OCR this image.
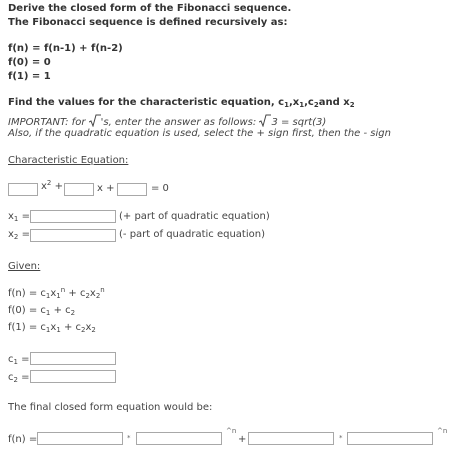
Derive the closed form of the Fibonacci sequence.
The Fibonacci sequence is defined recursively as:
f(n) = f(n-1) + f(n-2)
f(0) = 0
f(1) = 1
Find the values for the characteristic equation, $c_1,x_1,c_2and$ $x_2$
IMPORTANT: for 's, enter the answer as follows: 3 = sqrt(3)
Also, if the quadratic equation is used, select the + sign first, then the - sign
Characteristic Equation:
$x^2$ +	x +	= 0
$x_1$ =	(+ part of quadratic equation)
$x_2$ =	(- part of quadratic equation)
Given:
$f(n) = c_1x_1^n + c_2x_2^n$
$f(0) = c_1 + c_2$
$f(1) = c_1x_1 + c_2x_2$
$c_1$ =
$c_2$ =
The final closed form equation would be:
f(n) =	*
^n
+	*
^n
